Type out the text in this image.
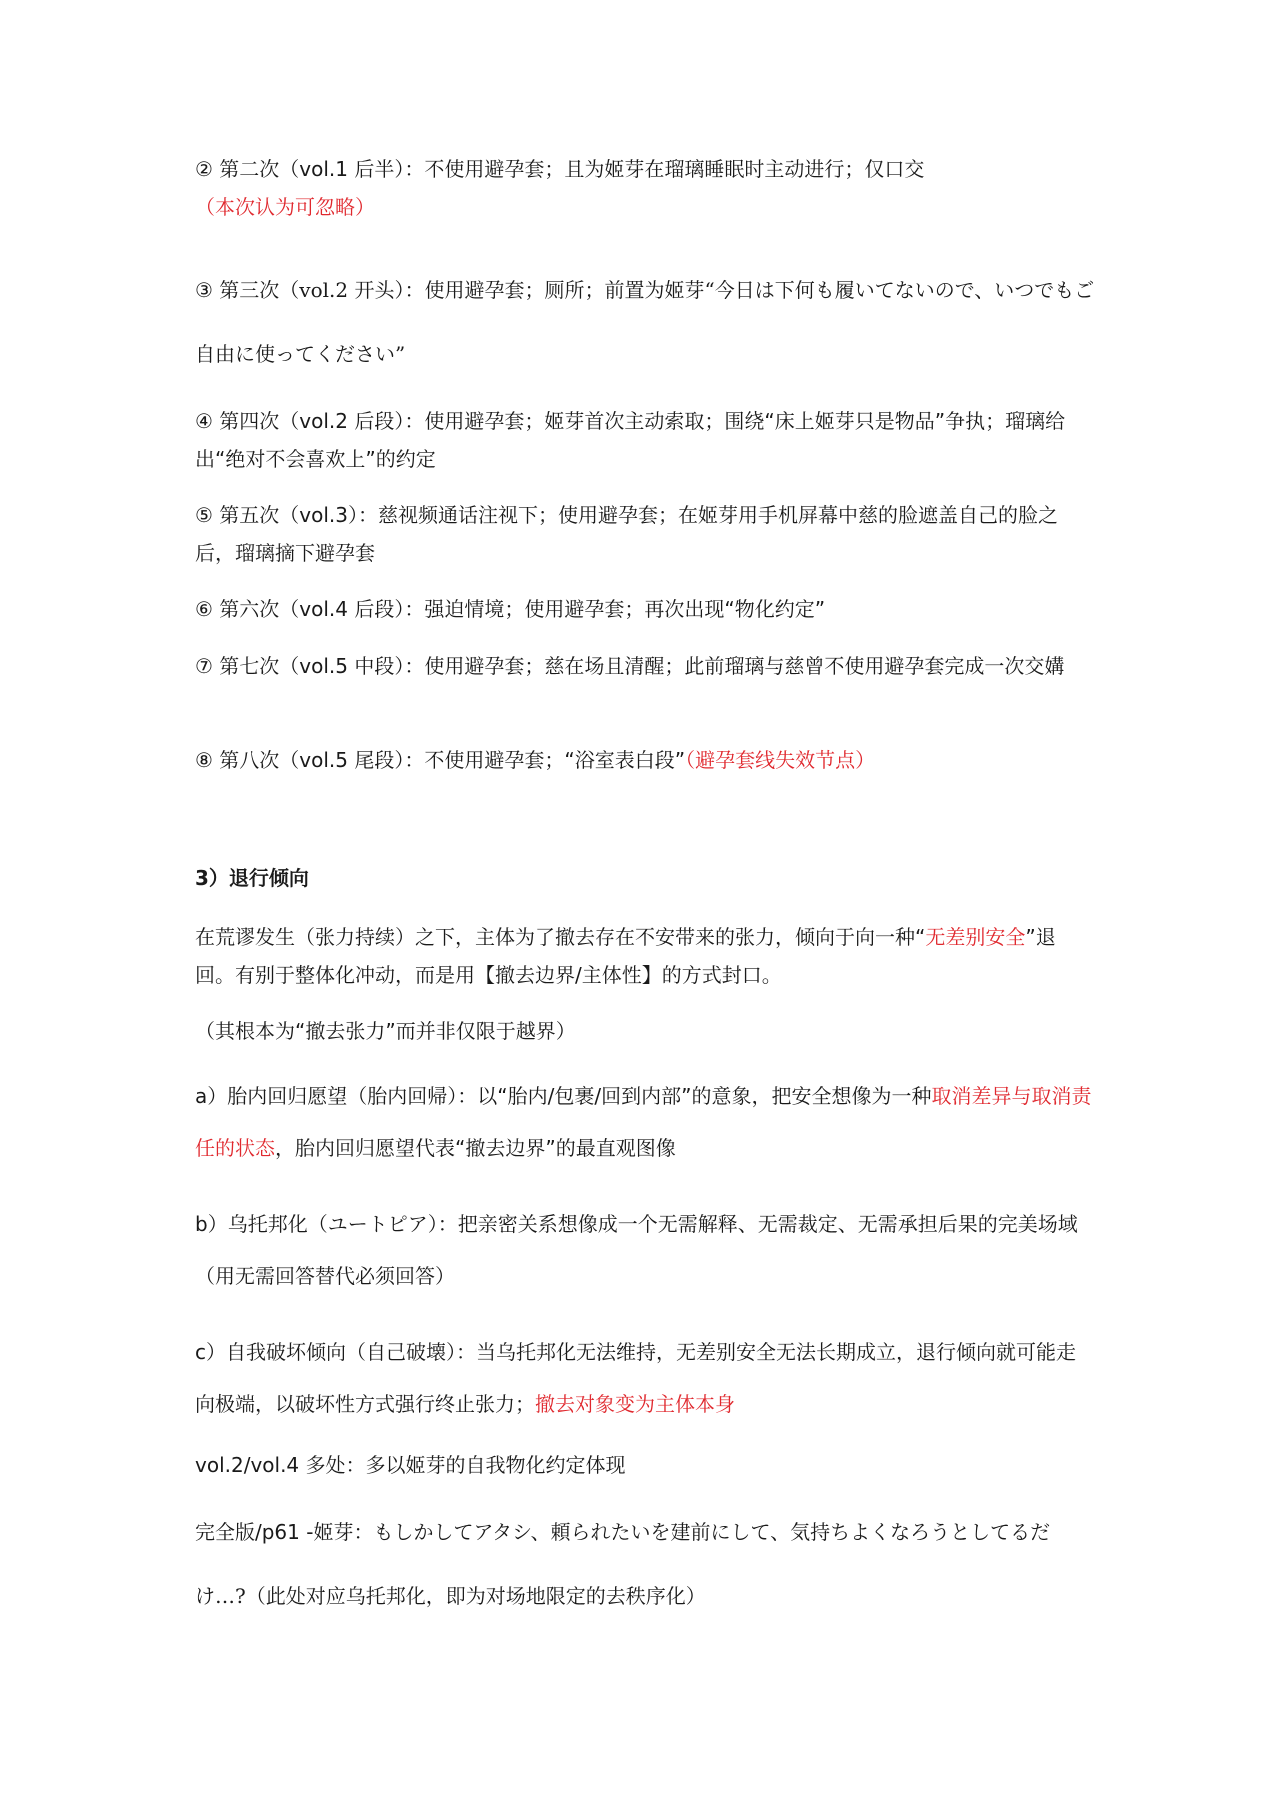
② 第二次（vol.1 后半）：不使用避孕套；且为姬芽在瑠璃睡眠时主动进行；仅口交（本次认为可忽略）

③ 第三次（vol.2 开头）：使用避孕套；厕所；前置为姬芽“今日は下何も履いてないので、いつでもご自由に使ってください”

④ 第四次（vol.2 后段）：使用避孕套；姬芽首次主动索取；围绕“床上姬芽只是物品”争执；瑠璃给出“绝对不会喜欢上”的约定

⑤ 第五次（vol.3）：慈视频通话注视下；使用避孕套；在姬芽用手机屏幕中慈的脸遮盖自己的脸之后，瑠璃摘下避孕套

⑥ 第六次（vol.4 后段）：强迫情境；使用避孕套；再次出现“物化约定”

⑦ 第七次（vol.5 中段）：使用避孕套；慈在场且清醒；此前瑠璃与慈曾不使用避孕套完成一次交媾

⑧ 第八次（vol.5 尾段）：不使用避孕套；“浴室表白段”（避孕套线失效节点）

3）退行倾向

在荒谬发生（张力持续）之下，主体为了撤去存在不安带来的张力，倾向于向一种“无差别安全”退回。有别于整体化冲动，而是用【撤去边界/主体性】的方式封口。

（其根本为“撤去张力”而并非仅限于越界）

a）胎内回归愿望（胎内回帰）：以“胎内/包裹/回到内部”的意象，把安全想像为一种取消差异与取消责任的状态，胎内回归愿望代表“撤去边界”的最直观图像

b）乌托邦化（ユートピア）：把亲密关系想像成一个无需解释、无需裁定、无需承担后果的完美场域（用无需回答替代必须回答）

c）自我破坏倾向（自己破壊）：当乌托邦化无法维持，无差别安全无法长期成立，退行倾向就可能走向极端，以破坏性方式强行终止张力；撤去对象变为主体本身

vol.2/vol.4 多处：多以姬芽的自我物化约定体现

完全版/p61 -姬芽：もしかしてアタシ、頼られたいを建前にして、気持ちよくなろうとしてるだけ…?（此处对应乌托邦化，即为对场地限定的去秩序化）
